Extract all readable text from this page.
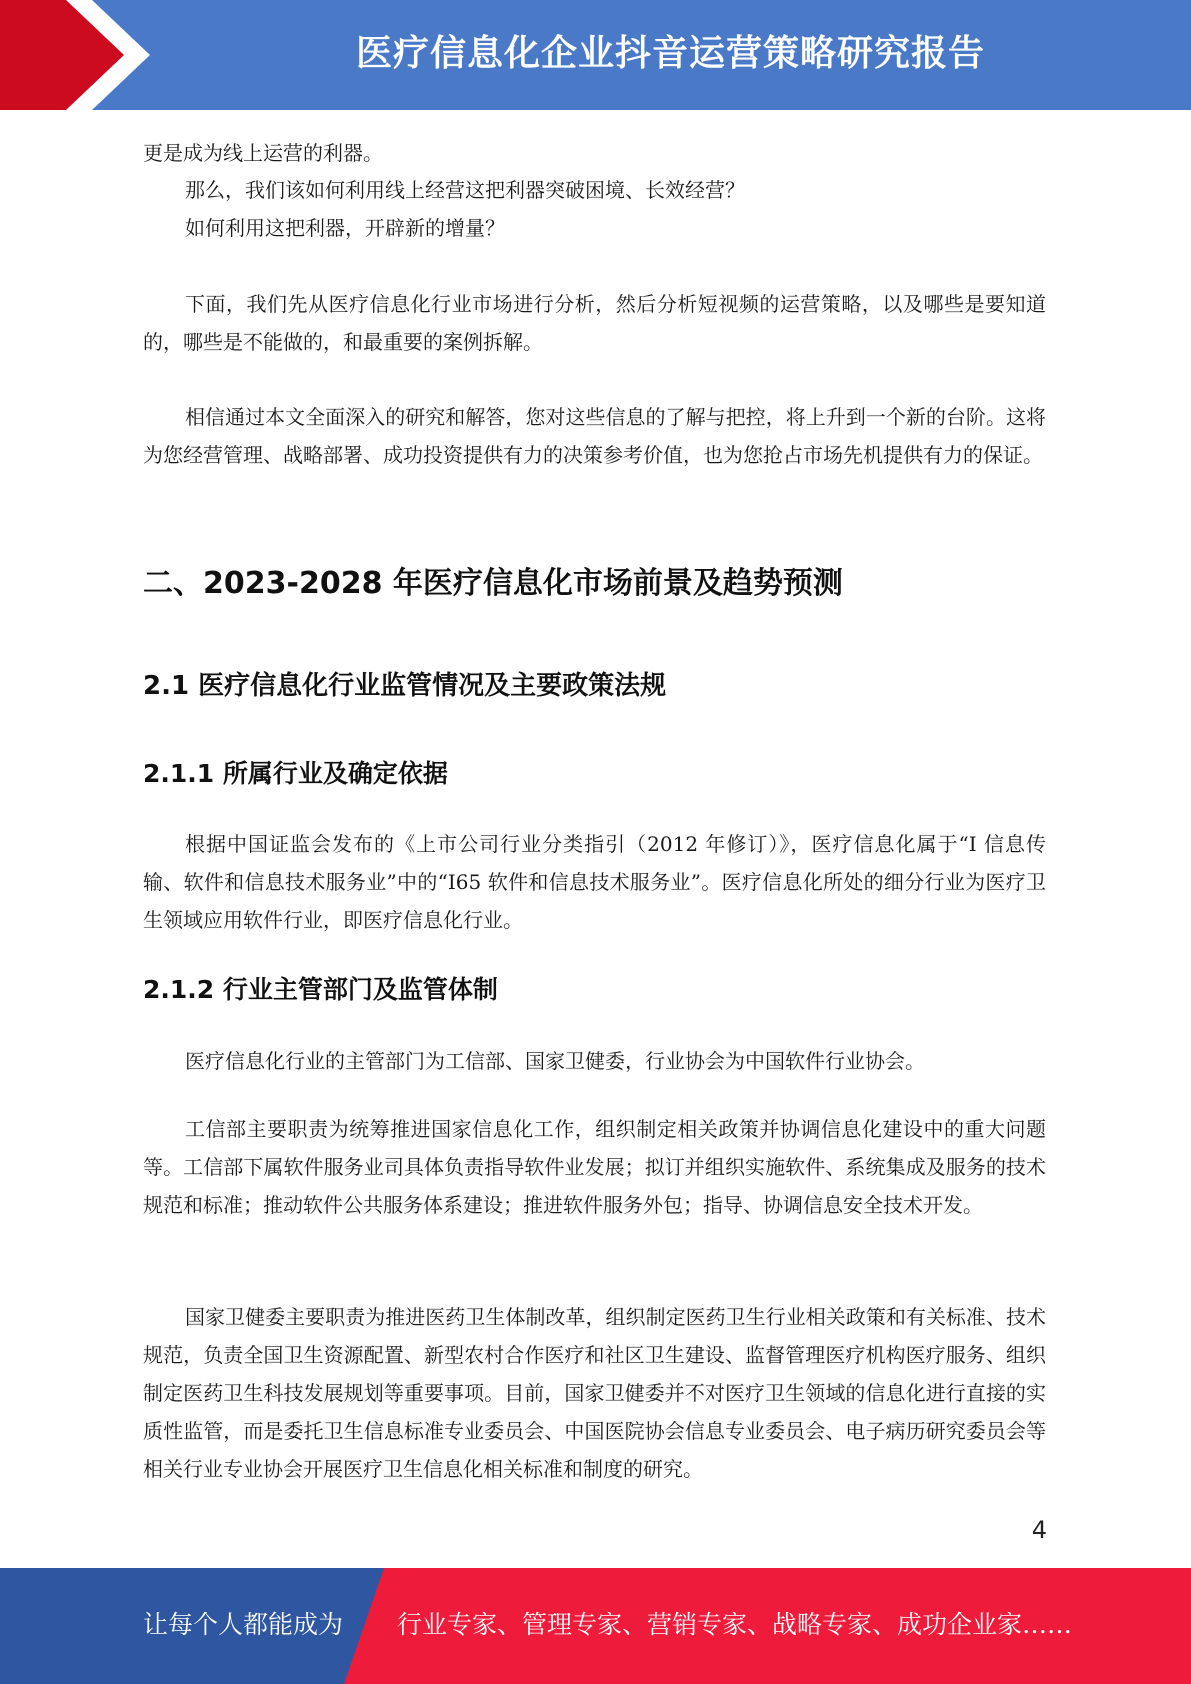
医疗信息化企业抖音运营策略研究报告

更是成为线上运营的利器。

那么，我们该如何利用线上经营这把利器突破困境、长效经营？

如何利用这把利器，开辟新的增量？

下面，我们先从医疗信息化行业市场进行分析，然后分析短视频的运营策略，以及哪些是要知道的，哪些是不能做的，和最重要的案例拆解。

相信通过本文全面深入的研究和解答，您对这些信息的了解与把控，将上升到一个新的台阶。这将为您经营管理、战略部署、成功投资提供有力的决策参考价值，也为您抢占市场先机提供有力的保证。

二、2023-2028 年医疗信息化市场前景及趋势预测
2.1 医疗信息化行业监管情况及主要政策法规
2.1.1 所属行业及确定依据

根据中国证监会发布的《上市公司行业分类指引（2012 年修订）》，医疗信息化属于“I 信息传输、软件和信息技术服务业”中的“I65 软件和信息技术服务业”。医疗信息化所处的细分行业为医疗卫生领域应用软件行业，即医疗信息化行业。

2.1.2 行业主管部门及监管体制

医疗信息化行业的主管部门为工信部、国家卫健委，行业协会为中国软件行业协会。

工信部主要职责为统筹推进国家信息化工作，组织制定相关政策并协调信息化建设中的重大问题等。工信部下属软件服务业司具体负责指导软件业发展；拟订并组织实施软件、系统集成及服务的技术规范和标准；推动软件公共服务体系建设；推进软件服务外包；指导、协调信息安全技术开发。

国家卫健委主要职责为推进医药卫生体制改革，组织制定医药卫生行业相关政策和有关标准、技术规范，负责全国卫生资源配置、新型农村合作医疗和社区卫生建设、监督管理医疗机构医疗服务、组织制定医药卫生科技发展规划等重要事项。目前，国家卫健委并不对医疗卫生领域的信息化进行直接的实质性监管，而是委托卫生信息标准专业委员会、中国医院协会信息专业委员会、电子病历研究委员会等相关行业专业协会开展医疗卫生信息化相关标准和制度的研究。

4
让每个人都能成为 行业专家、管理专家、营销专家、战略专家、成功企业家……
